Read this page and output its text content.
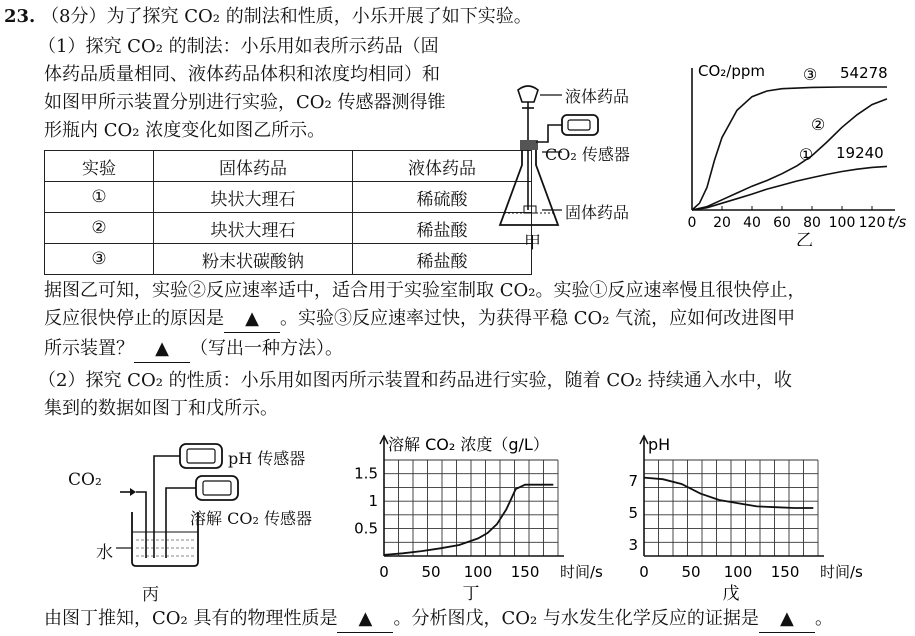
23. （8分）为了探究 CO₂ 的制法和性质，小乐开展了如下实验。
（1）探究 CO₂ 的制法：小乐用如表所示药品（固
体药品质量相同、液体药品体积和浓度均相同）和
如图甲所示装置分别进行实验，CO₂ 传感器测得锥
形瓶内 CO₂ 浓度变化如图乙所示。
实验	固体药品	液体药品
①	块状大理石	稀硫酸
②	块状大理石	稀盐酸
③	粉末状碳酸钠	稀盐酸
液体药品
CO₂ 传感器
固体药品
甲
CO₂/ppm
0 20 40 60 80 100 120 t/s
乙
③ 54278
②
① 19240
据图乙可知，实验②反应速率适中，适合用于实验室制取 CO₂。实验①反应速率慢且很快停止，
反应很快停止的原因是 ▲ 。实验③反应速率过快，为获得平稳 CO₂ 气流，应如何改进图甲
所示装置？ ▲ （写出一种方法）。
（2）探究 CO₂ 的性质：小乐用如图丙所示装置和药品进行实验，随着 CO₂ 持续通入水中，收
集到的数据如图丁和戊所示。
CO₂
pH 传感器
溶解 CO₂ 传感器
水
丙
溶解 CO₂ 浓度（g/L）
0.5
1
1.5
0 50 100 150 时间/s
丁
pH
3
5
7
0 50 100 150 时间/s
戊
由图丁推知，CO₂ 具有的物理性质是 ▲ 。分析图戊，CO₂ 与水发生化学反应的证据是 ▲ 。
